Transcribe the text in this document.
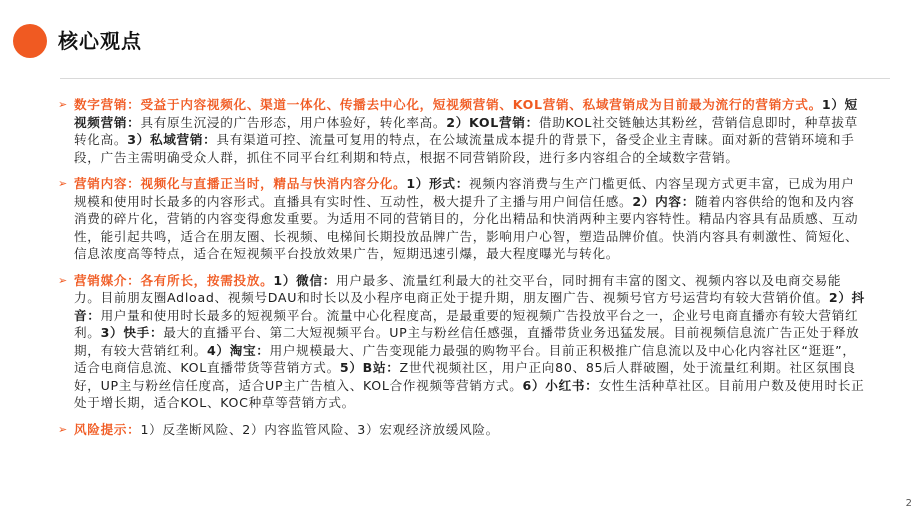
核心观点
➢ 数字营销：受益于内容视频化、渠道一体化、传播去中心化，短视频营销、KOL营销、私域营销成为目前最为流行的营销方式。1）短视频营销：具有原生沉浸的广告形态，用户体验好，转化率高。2）KOL营销：借助KOL社交链触达其粉丝，营销信息即时，种草拔草转化高。3）私域营销：具有渠道可控、流量可复用的特点，在公域流量成本提升的背景下，备受企业主青睐。面对新的营销环境和手段，广告主需明确受众人群，抓住不同平台红利期和特点，根据不同营销阶段，进行多内容组合的全域数字营销。
➢ 营销内容：视频化与直播正当时，精品与快消内容分化。1）形式：视频内容消费与生产门槛更低、内容呈现方式更丰富，已成为用户规模和使用时长最多的内容形式。直播具有实时性、互动性，极大提升了主播与用户间信任感。2）内容：随着内容供给的饱和及内容消费的碎片化，营销的内容变得愈发重要。为适用不同的营销目的，分化出精品和快消两种主要内容特性。精品内容具有品质感、互动性，能引起共鸣，适合在朋友圈、长视频、电梯间长期投放品牌广告，影响用户心智，塑造品牌价值。快消内容具有刺激性、简短化、信息浓度高等特点，适合在短视频平台投放效果广告，短期迅速引爆，最大程度曝光与转化。
➢ 营销媒介：各有所长，按需投放。1）微信：用户最多、流量红利最大的社交平台，同时拥有丰富的图文、视频内容以及电商交易能力。目前朋友圈Adload、视频号DAU和时长以及小程序电商正处于提升期，朋友圈广告、视频号官方号运营均有较大营销价值。2）抖音：用户量和使用时长最多的短视频平台。流量中心化程度高，是最重要的短视频广告投放平台之一，企业号电商直播亦有较大营销红利。3）快手：最大的直播平台、第二大短视频平台。UP主与粉丝信任感强，直播带货业务迅猛发展。目前视频信息流广告正处于释放期，有较大营销红利。4）淘宝：用户规模最大、广告变现能力最强的购物平台。目前正积极推广信息流以及中心化内容社区“逛逛”，适合电商信息流、KOL直播带货等营销方式。5）B站：Z世代视频社区，用户正向80、85后人群破圈，处于流量红利期。社区氛围良好，UP主与粉丝信任度高，适合UP主广告植入、KOL合作视频等营销方式。6）小红书：女性生活种草社区。目前用户数及使用时长正处于增长期，适合KOL、KOC种草等营销方式。
➢ 风险提示：1）反垄断风险、2）内容监管风险、3）宏观经济放缓风险。
2
